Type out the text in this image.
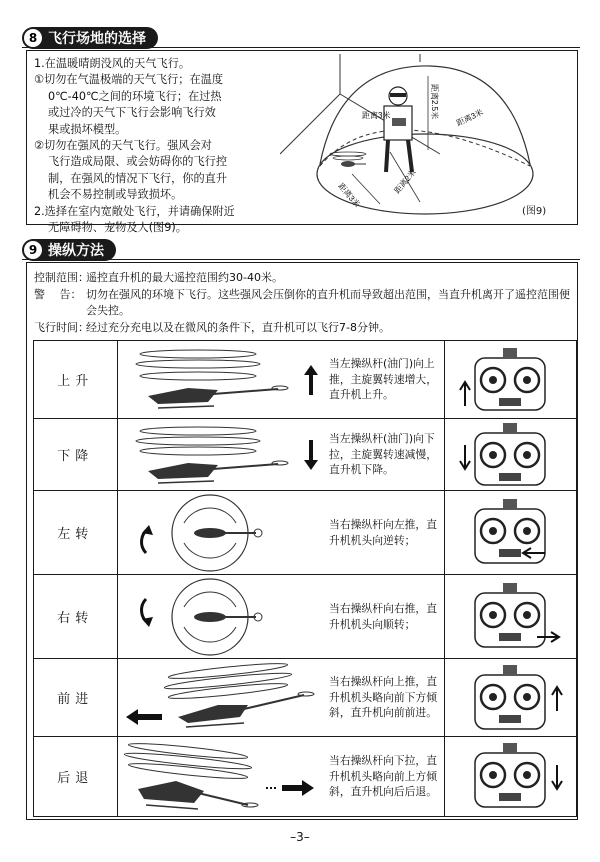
8 飞行场地的选择

1.在温暖晴朗没风的天气飞行。

①切勿在气温极端的天气飞行；在温度

0℃-40℃之间的环境飞行；在过热

或过冷的天气下飞行会影响飞行效

果或损坏模型。

②切勿在强风的天气飞行。强风会对

飞行造成局限、或会妨碍你的飞行控

制，在强风的情况下飞行，你的直升

机会不易控制或导致损坏。

2.选择在室内宽敞处飞行，并请确保附近

无障碍物、宠物及人(图9)。

距离3米	距离2.5米 距离3米
距离3米
距离2米
(图9)
9 操纵方法
控制范围：
遥控直升机的最大遥控范围约30-40米。
警　 告： 切勿在强风的环境下飞行。这些强风会压倒你的直升机而导致超出范围，当直升机离开了遥控范围便会失控。
飞行时间：
经过充分充电以及在微风的条件下，直升机可以飞行7-8分钟。
上升			当左操纵杆(油门)向上推，主旋翼转速增大，直升机上升。	

下降			当左操纵杆(油门)向下拉，主旋翼转速减慢，直升机下降。	

左转			当右操纵杆向左推，直升机机头向逆转；	

右转			当右操纵杆向右推，直升机机头向顺转；	

前进			当右操纵杆向上推，直升机机头略向前下方倾斜，直升机向前前进。	

后退			当右操纵杆向下拉，直升机机头略向前上方倾斜，直升机向后后退。	
–3–
